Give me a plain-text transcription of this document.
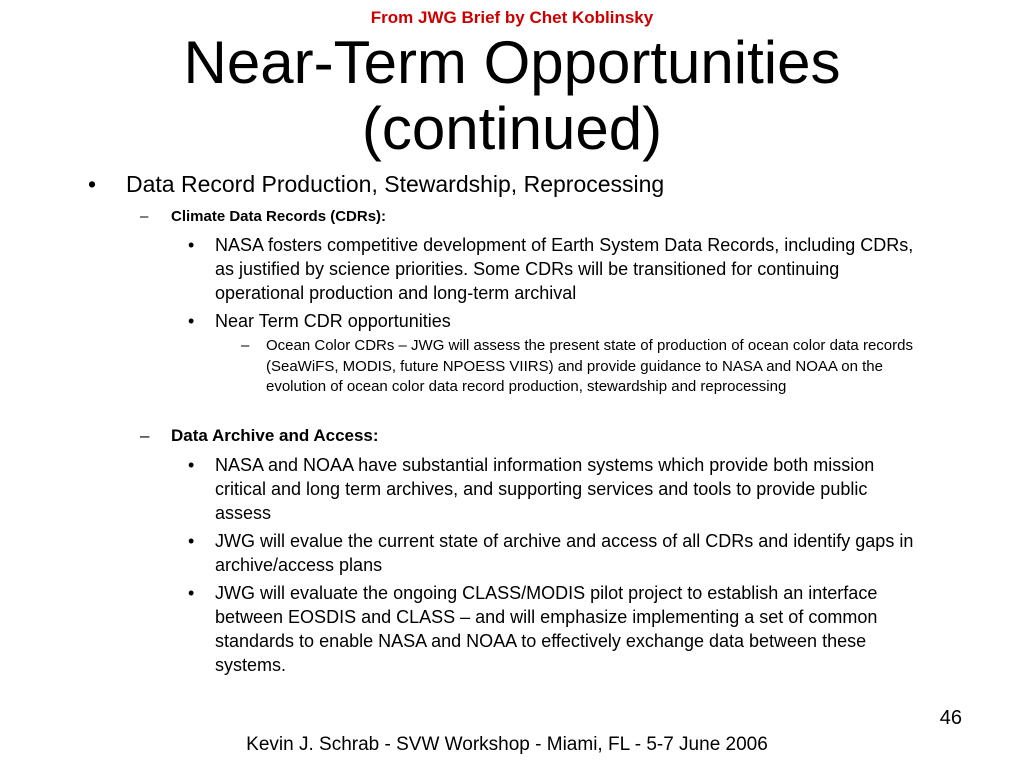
From JWG Brief by Chet Koblinsky
Near-Term Opportunities
(continued)
• Data Record Production, Stewardship, Reprocessing
– Climate Data Records (CDRs):
• NASA fosters competitive development of Earth System Data Records, including CDRs, as justified by science priorities. Some CDRs will be transitioned for continuing operational production and long-term archival
• Near Term CDR opportunities
– Ocean Color CDRs – JWG will assess the present state of production of ocean color data records (SeaWiFS, MODIS, future NPOESS VIIRS) and provide guidance to NASA and NOAA on the evolution of ocean color data record production, stewardship and reprocessing
– Data Archive and Access:
• NASA and NOAA have substantial information systems which provide both mission critical and long term archives, and supporting services and tools to provide public assess
• JWG will evalue the current state of archive and access of all CDRs and identify gaps in archive/access plans
• JWG will evaluate the ongoing CLASS/MODIS pilot project to establish an interface between EOSDIS and CLASS – and will emphasize implementing a set of common standards to enable NASA and NOAA to effectively exchange data between these systems.
46
Kevin J. Schrab - SVW Workshop - Miami, FL - 5-7 June 2006
